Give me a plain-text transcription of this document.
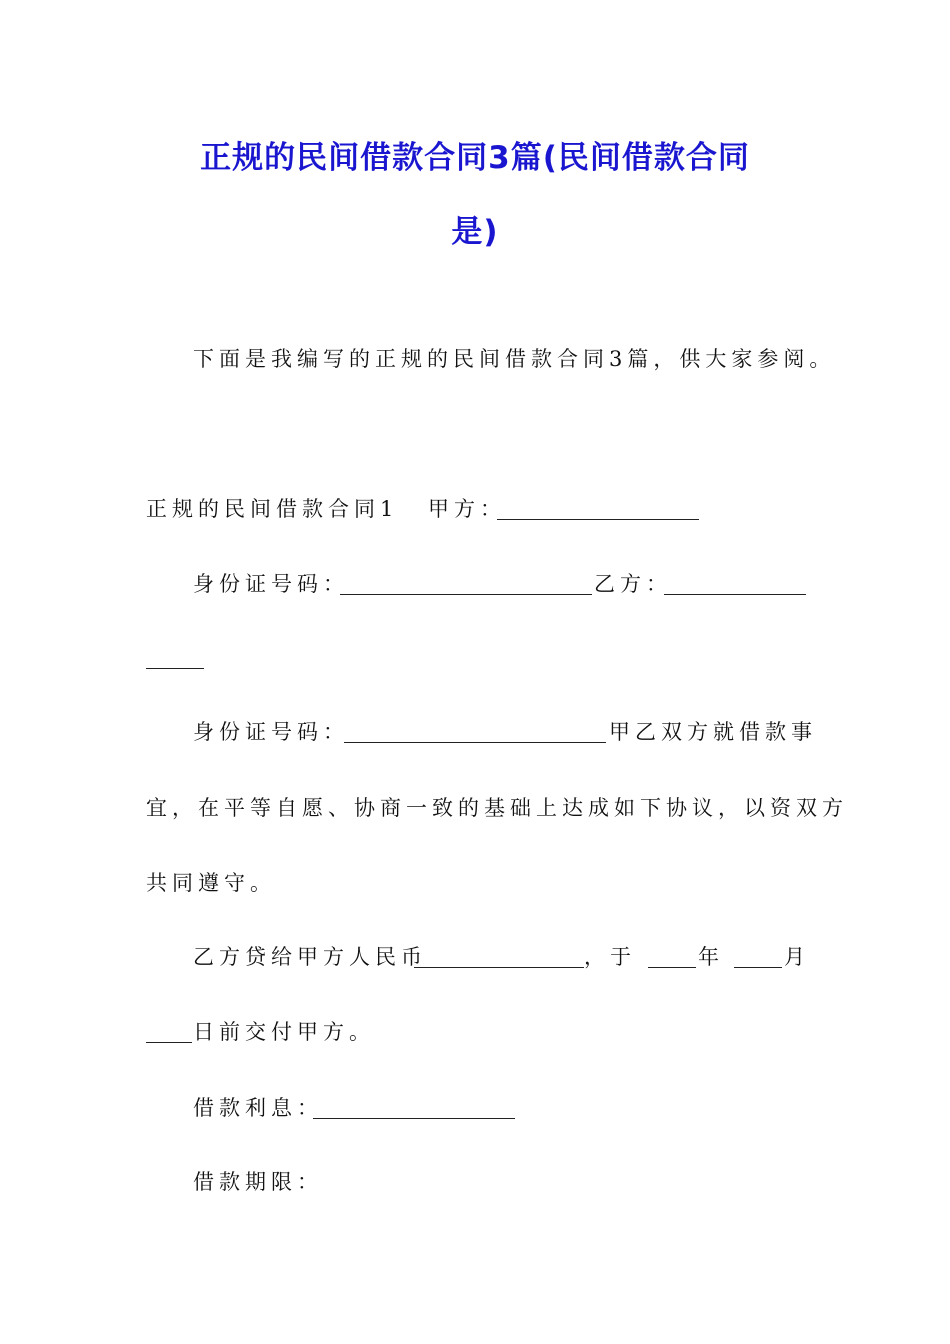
正规的民间借款合同3篇(民间借款合同
是)
下面是我编写的正规的民间借款合同3篇，供大家参阅。
正规的民间借款合同1 甲方：
身份证号码：	乙方：
身份证号码：	甲乙双方就借款事
宜，在平等自愿、协商一致的基础上达成如下协议，以资双方
共同遵守。
乙方贷给甲方人民币	，于	年	月
日前交付甲方。
借款利息：
借款期限：
